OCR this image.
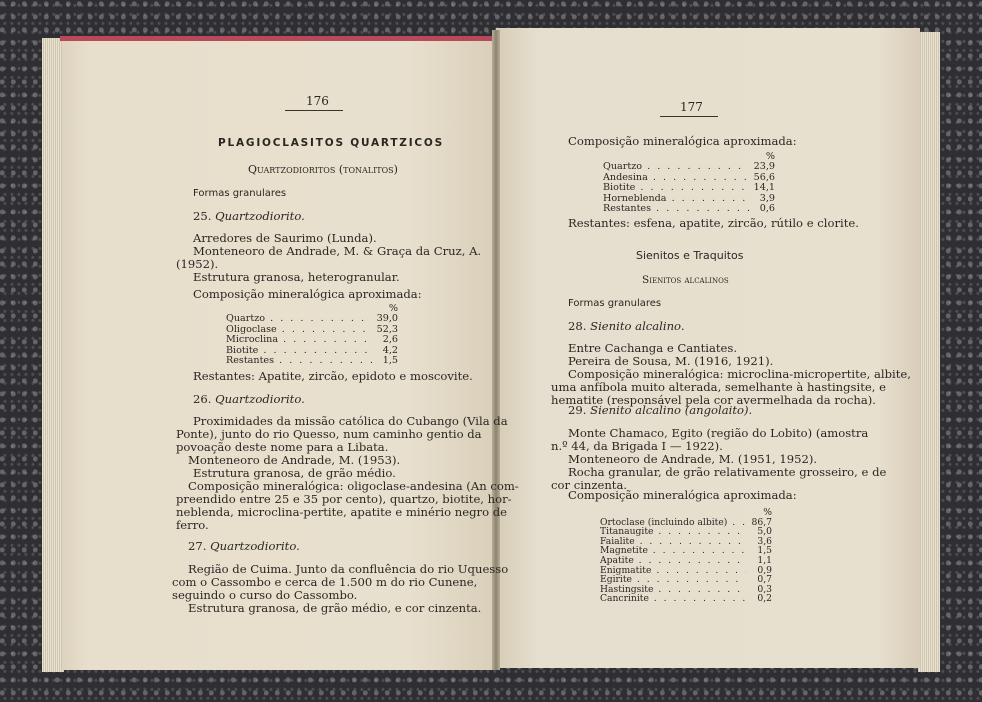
176
PLAGIOCLASITOS QUARTZICOS
Quartzodioritos (tonalitos)
Formas granulares
25. Quartzodiorito.
Arredores de Saurimo (Lunda).
Monteneoro de Andrade, M. & Graça da Cruz, A.
(1952).
Estrutura granosa, heterogranular.
Composição mineralógica aproximada:
%
Quartzo . . .	39,0
Oligoclase . . .	52,3
Microclina . . .	2,6
Biotite . . .	4,2
Restantes . . .	1,5
Restantes: Apatite, zircão, epidoto e moscovite.
26. Quartzodiorito.
Proximidades da missão católica do Cubango (Vila da
Ponte), junto do rio Quesso, num caminho gentio da
povoação deste nome para a Libata.
Monteneoro de Andrade, M. (1953).
Estrutura granosa, de grão médio.
Composição mineralógica: oligoclase-andesina (An com-
preendido entre 25 e 35 por cento), quartzo, biotite, hor-
neblenda, microclina-pertite, apatite e minério negro de
ferro.
27. Quartzodiorito.
Região de Cuima. Junto da confluência do rio Uquesso
com o Cassombo e cerca de 1.500 m do rio Cunene,
seguindo o curso do Cassombo.
Estrutura granosa, de grão médio, e cor cinzenta.
177
Composição mineralógica aproximada:
%
Quartzo . . .	23,9
Andesina . . .	56,6
Biotite . . .	14,1
Horneblenda . . .	3,9
Restantes . . .	0,6
Restantes: esfena, apatite, zircão, rútilo e clorite.
Sienitos e Traquitos
Sienitos alcalinos
Formas granulares
28. Sienito alcalino.
Entre Cachanga e Cantiates.
Pereira de Sousa, M. (1916, 1921).
Composição mineralógica: microclina-micropertite, albite,
uma anfíbola muito alterada, semelhante à hastingsite, e
hematite (responsável pela cor avermelhada da rocha).
29. Sienito alcalino (angolaito).
Monte Chamaco, Egito (região do Lobito) (amostra
n.º 44, da Brigada I — 1922).
Monteneoro de Andrade, M. (1951, 1952).
Rocha granular, de grão relativamente grosseiro, e de
cor cinzenta.
Composição mineralógica aproximada:
%
Ortoclase (incluindo albite) . . .	86,7
Titanaugite . . .	5,0
Faialite . . .	3,6
Magnetite . . .	1,5
Apatite . . .	1,1
Enigmatite . . .	0,9
Egirite . . .	0,7
Hastingsite . . .	0,3
Cancrinite . . .	0,2
